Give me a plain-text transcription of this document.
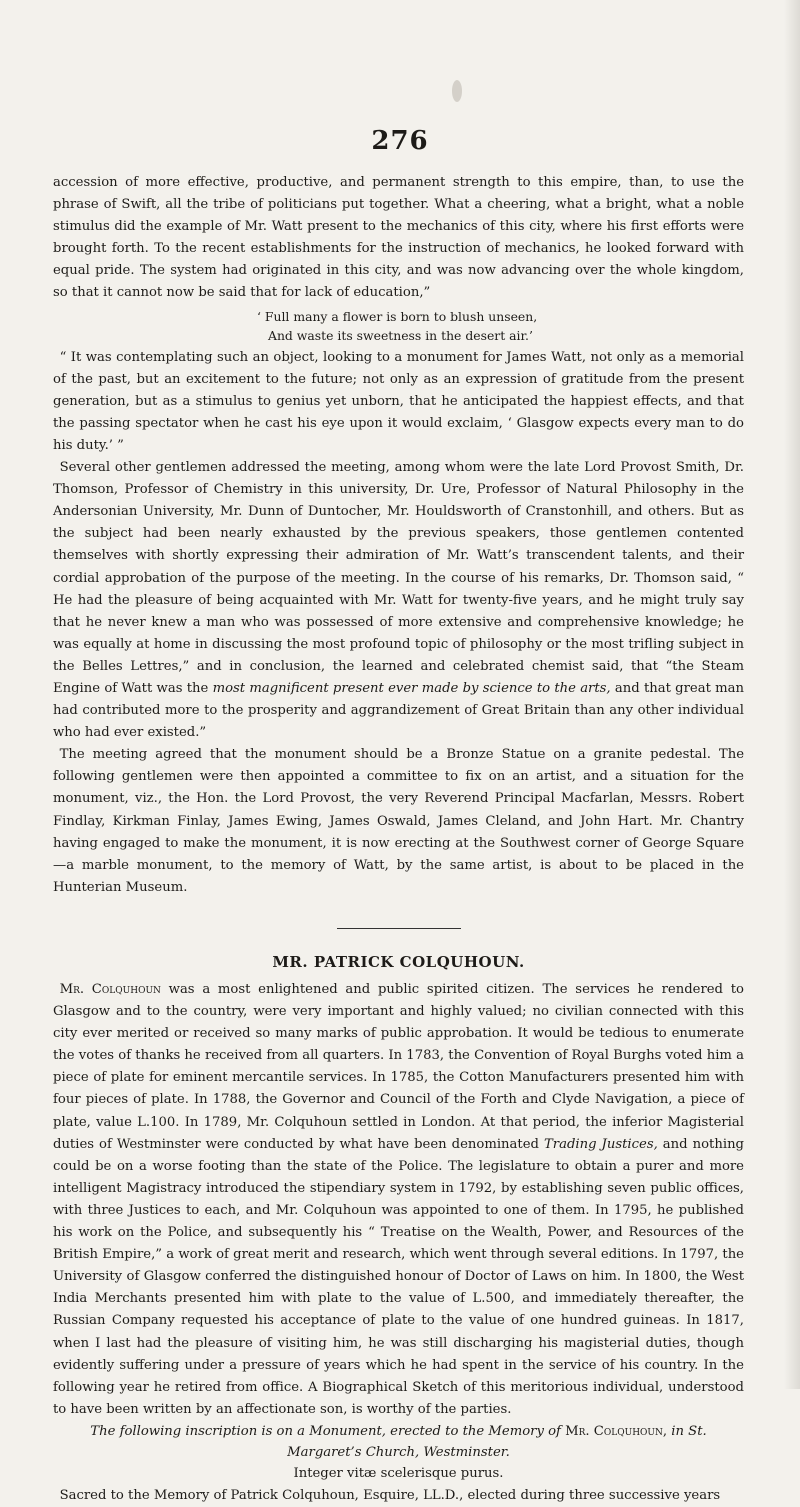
276

accession of more effective, productive, and permanent strength to this empire, than, to use the phrase of Swift, all the tribe of politicians put together. What a cheering, what a bright, what a noble stimulus did the example of Mr. Watt present to the mechanics of this city, where his first efforts were brought forth. To the recent establishments for the instruction of mechanics, he looked forward with equal pride. The system had originated in this city, and was now advancing over the whole kingdom, so that it cannot now be said that for lack of education,”

‘ Full many a flower is born to blush unseen,
And waste its sweetness in the desert air.’

“ It was contemplating such an object, looking to a monument for James Watt, not only as a memorial of the past, but an excitement to the future; not only as an expression of gratitude from the present generation, but as a stimulus to genius yet unborn, that he anticipated the happiest effects, and that the passing spectator when he cast his eye upon it would exclaim, ‘ Glasgow expects every man to do his duty.’ ”

Several other gentlemen addressed the meeting, among whom were the late Lord Provost Smith, Dr. Thomson, Professor of Chemistry in this university, Dr. Ure, Professor of Natural Philosophy in the Andersonian University, Mr. Dunn of Duntocher, Mr. Houldsworth of Cranstonhill, and others. But as the subject had been nearly exhausted by the previous speakers, those gentlemen contented themselves with shortly expressing their admiration of Mr. Watt’s transcendent talents, and their cordial approbation of the purpose of the meeting. In the course of his remarks, Dr. Thomson said, “ He had the pleasure of being acquainted with Mr. Watt for twenty-five years, and he might truly say that he never knew a man who was possessed of more extensive and comprehensive knowledge; he was equally at home in discussing the most profound topic of philosophy or the most trifling subject in the Belles Lettres,” and in conclusion, the learned and celebrated chemist said, that “the Steam Engine of Watt was the most magnificent present ever made by science to the arts, and that great man had contributed more to the prosperity and aggrandizement of Great Britain than any other individual who had ever existed.”

The meeting agreed that the monument should be a Bronze Statue on a granite pedestal. The following gentlemen were then appointed a committee to fix on an artist, and a situation for the monument, viz., the Hon. the Lord Provost, the very Reverend Principal Macfarlan, Messrs. Robert Findlay, Kirkman Finlay, James Ewing, James Oswald, James Cleland, and John Hart. Mr. Chantry having engaged to make the monument, it is now erecting at the Southwest corner of George Square—a marble monument, to the memory of Watt, by the same artist, is about to be placed in the Hunterian Museum.

MR. PATRICK COLQUHOUN.

Mr. Colquhoun was a most enlightened and public spirited citizen. The services he rendered to Glasgow and to the country, were very important and highly valued; no civilian connected with this city ever merited or received so many marks of public approbation. It would be tedious to enumerate the votes of thanks he received from all quarters. In 1783, the Convention of Royal Burghs voted him a piece of plate for eminent mercantile services. In 1785, the Cotton Manufacturers presented him with four pieces of plate. In 1788, the Governor and Council of the Forth and Clyde Navigation, a piece of plate, value L.100. In 1789, Mr. Colquhoun settled in London. At that period, the inferior Magisterial duties of Westminster were conducted by what have been denominated Trading Justices, and nothing could be on a worse footing than the state of the Police. The legislature to obtain a purer and more intelligent Magistracy introduced the stipendiary system in 1792, by establishing seven public offices, with three Justices to each, and Mr. Colquhoun was appointed to one of them. In 1795, he published his work on the Police, and subsequently his “ Treatise on the Wealth, Power, and Resources of the British Empire,” a work of great merit and research, which went through several editions. In 1797, the University of Glasgow conferred the distinguished honour of Doctor of Laws on him. In 1800, the West India Merchants presented him with plate to the value of L.500, and immediately thereafter, the Russian Company requested his acceptance of plate to the value of one hundred guineas. In 1817, when I last had the pleasure of visiting him, he was still discharging his magisterial duties, though evidently suffering under a pressure of years which he had spent in the service of his country. In the following year he retired from office. A Biographical Sketch of this meritorious individual, understood to have been written by an affectionate son, is worthy of the parties.

The following inscription is on a Monument, erected to the Memory of Mr. Colquhoun, in St. Margaret’s Church, Westminster.

Integer vitæ scelerisque purus.

Sacred to the Memory of Patrick Colquhoun, Esquire, LL.D., elected during three successive years
